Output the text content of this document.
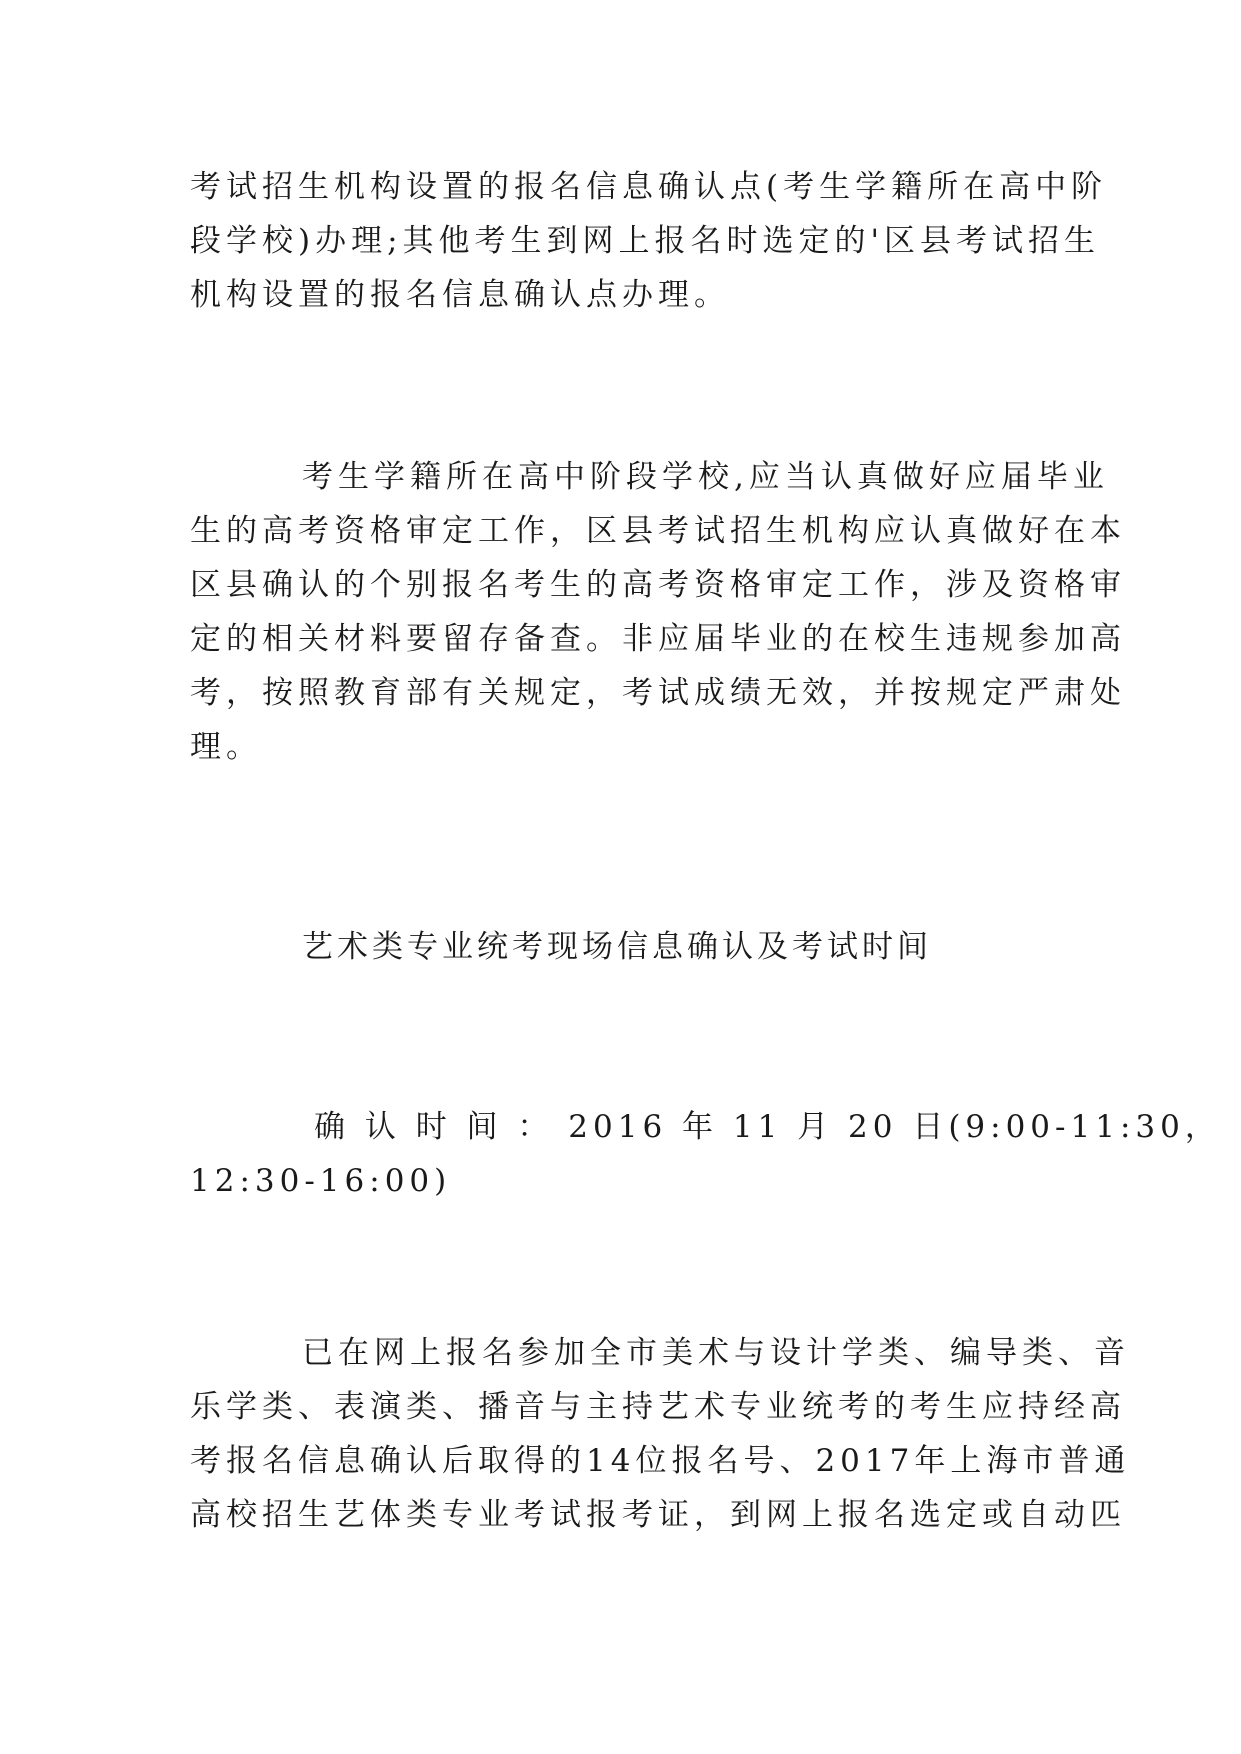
考试招生机构设置的报名信息确认点(考生学籍所在高中阶
段学校)办理;其他考生到网上报名时选定的'区县考试招生
机构设置的报名信息确认点办理。
考生学籍所在高中阶段学校,应当认真做好应届毕业
生的高考资格审定工作，区县考试招生机构应认真做好在本
区县确认的个别报名考生的高考资格审定工作，涉及资格审
定的相关材料要留存备查。非应届毕业的在校生违规参加高
考，按照教育部有关规定，考试成绩无效，并按规定严肃处
理。
艺术类专业统考现场信息确认及考试时间
确 认 时 间 ： 2016 年 11 月 20 日(9:00-11:30，
12:30-16:00)
已在网上报名参加全市美术与设计学类、编导类、音
乐学类、表演类、播音与主持艺术专业统考的考生应持经高
考报名信息确认后取得的14位报名号、2017年上海市普通
高校招生艺体类专业考试报考证，到网上报名选定或自动匹
